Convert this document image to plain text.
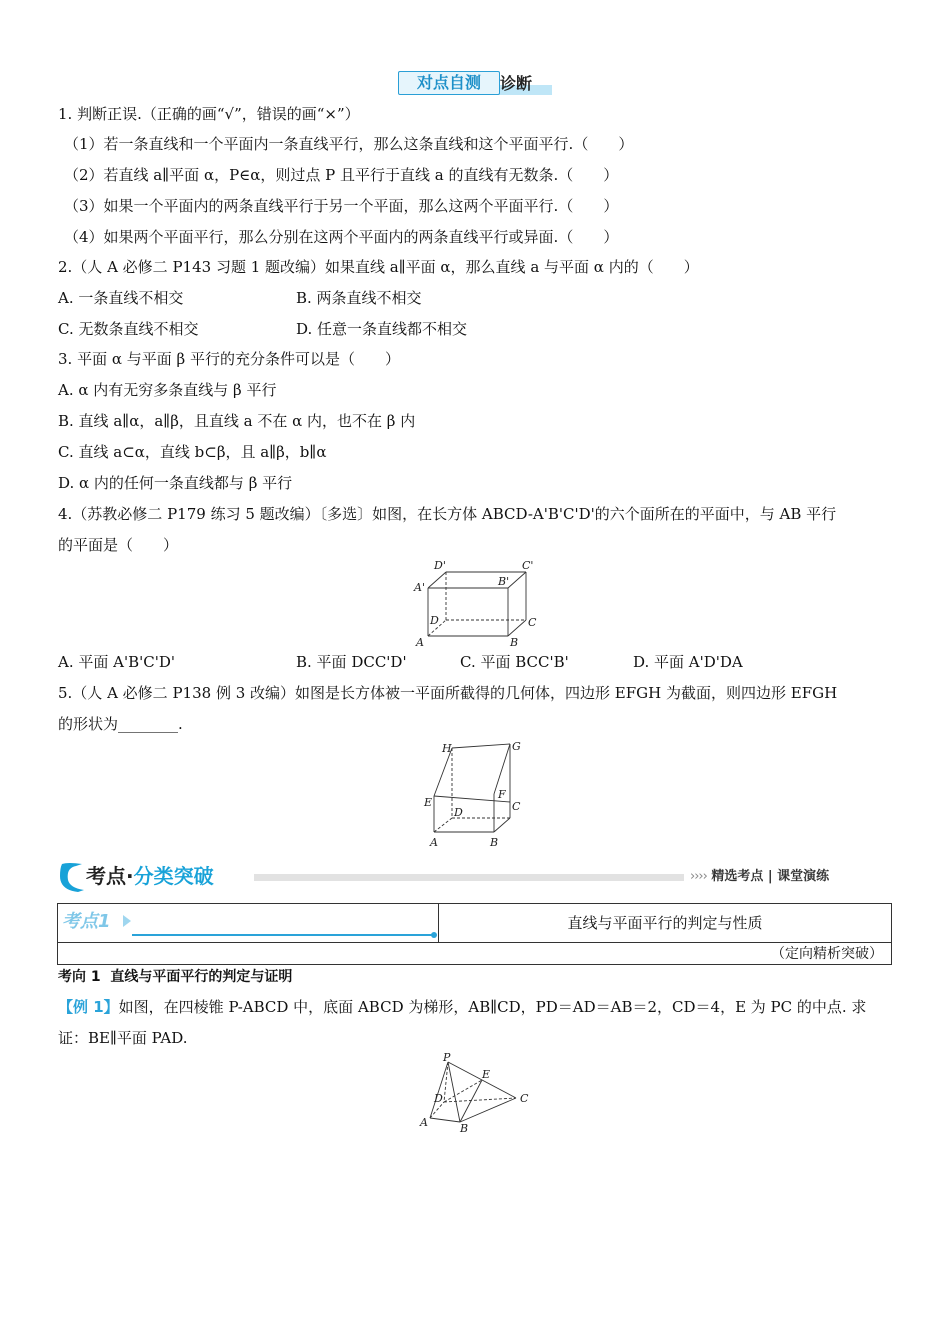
对点自测	诊断
1. 判断正误.（正确的画“√”，错误的画“×”）
（1）若一条直线和一个平面内一条直线平行，那么这条直线和这个平面平行.（　　）
（2）若直线 a∥平面 α，P∈α，则过点 P 且平行于直线 a 的直线有无数条.（　　）
（3）如果一个平面内的两条直线平行于另一个平面，那么这两个平面平行.（　　）
（4）如果两个平面平行，那么分别在这两个平面内的两条直线平行或异面.（　　）
2.（人 A 必修二 P143 习题 1 题改编）如果直线 a∥平面 α，那么直线 a 与平面 α 内的（　　）
A. 一条直线不相交	B. 两条直线不相交
C. 无数条直线不相交	D. 任意一条直线都不相交
3. 平面 α 与平面 β 平行的充分条件可以是（　　）
A. α 内有无穷多条直线与 β 平行
B. 直线 a∥α，a∥β，且直线 a 不在 α 内，也不在 β 内
C. 直线 a⊂α，直线 b⊂β，且 a∥β，b∥α
D. α 内的任何一条直线都与 β 平行
4.（苏教必修二 P179 练习 5 题改编）〔多选〕如图，在长方体 ABCD-A'B'C'D'的六个面所在的平面中，与 AB 平行
的平面是（　　）
D'	C'
A'	B'
D	C
A	B
A. 平面 A'B'C'D'	B. 平面 DCC'D'	C. 平面 BCC'B'	D. 平面 A'D'DA
5.（人 A 必修二 P138 例 3 改编）如图是长方体被一平面所截得的几何体，四边形 EFGH 为截面，则四边形 EFGH
的形状为________.
H	G
E
F
C
D
A	B
考点·分类突破	›››› 精选考点 | 课堂演练
考点1	直线与平面平行的判定与性质
（定向精析突破）
考向 1 直线与平面平行的判定与证明
【例 1】如图，在四棱锥 P-ABCD 中，底面 ABCD 为梯形，AB∥CD，PD＝AD＝AB＝2，CD＝4，E 为 PC 的中点. 求
证：BE∥平面 PAD.
P
E
D	C
A	B
